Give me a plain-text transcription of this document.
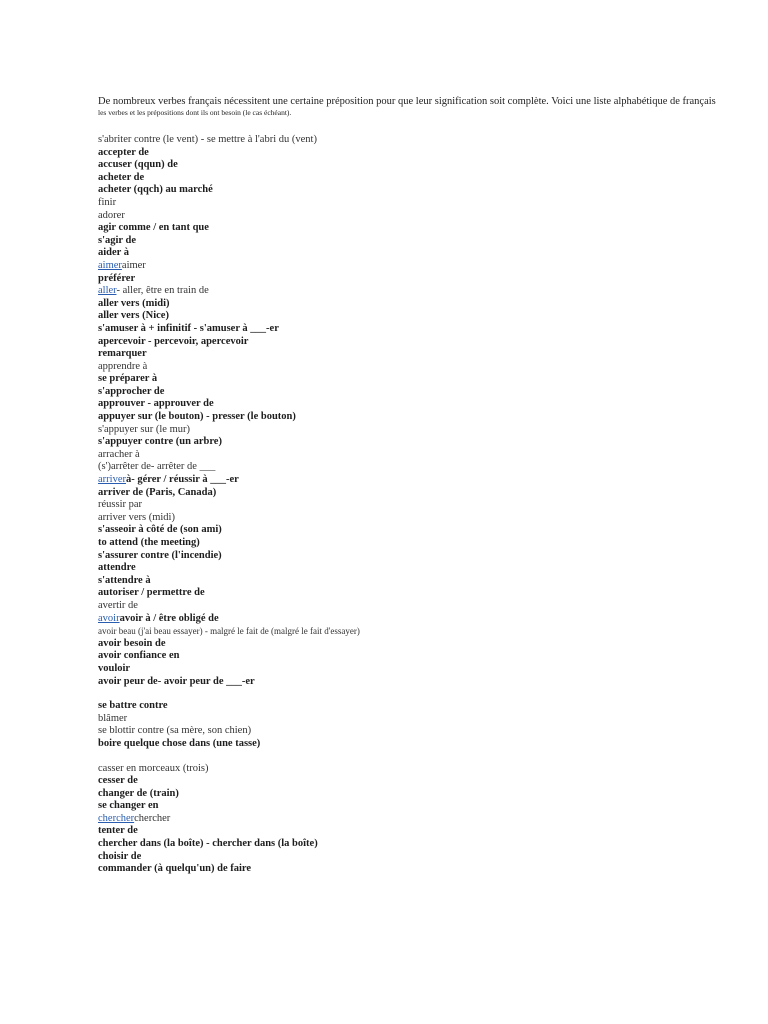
De nombreux verbes français nécessitent une certaine préposition pour que leur signification soit complète. Voici une liste alphabétique de français
les verbes et les prépositions dont ils ont besoin (le cas échéant).
s'abriter contre (le vent) - se mettre à l'abri du (vent)
accepter de
accuser (qqun) de
acheter de
acheter (qqch) au marché
finir
adorer
agir comme / en tant que
s'agir de
aider à
aimeraimer
préférer
aller- aller, être en train de
aller vers (midi)
aller vers (Nice)
s'amuser à + infinitif - s'amuser à ___-er
apercevoir - percevoir, apercevoir
remarquer
apprendre à
se préparer à
s'approcher de
approuver - approuver de
appuyer sur (le bouton) - presser (le bouton)
s'appuyer sur (le mur)
s'appuyer contre (un arbre)
arracher à
(s')arrêter de- arrêter de ___
arriverà- gérer / réussir à ___-er
arriver de (Paris, Canada)
réussir par
arriver vers (midi)
s'asseoir à côté de (son ami)
to attend (the meeting)
s'assurer contre (l'incendie)
attendre
s'attendre à
autoriser / permettre de
avertir de
avoiravoir à / être obligé de
avoir beau (j'ai beau essayer) - malgré le fait de (malgré le fait d'essayer)
avoir besoin de
avoir confiance en
vouloir
avoir peur de- avoir peur de ___-er
se battre contre
blâmer
se blottir contre (sa mère, son chien)
boire quelque chose dans (une tasse)
casser en morceaux (trois)
cesser de
changer de (train)
se changer en
chercherchercher
tenter de
chercher dans (la boîte) - chercher dans (la boîte)
choisir de
commander (à quelqu'un) de faire
